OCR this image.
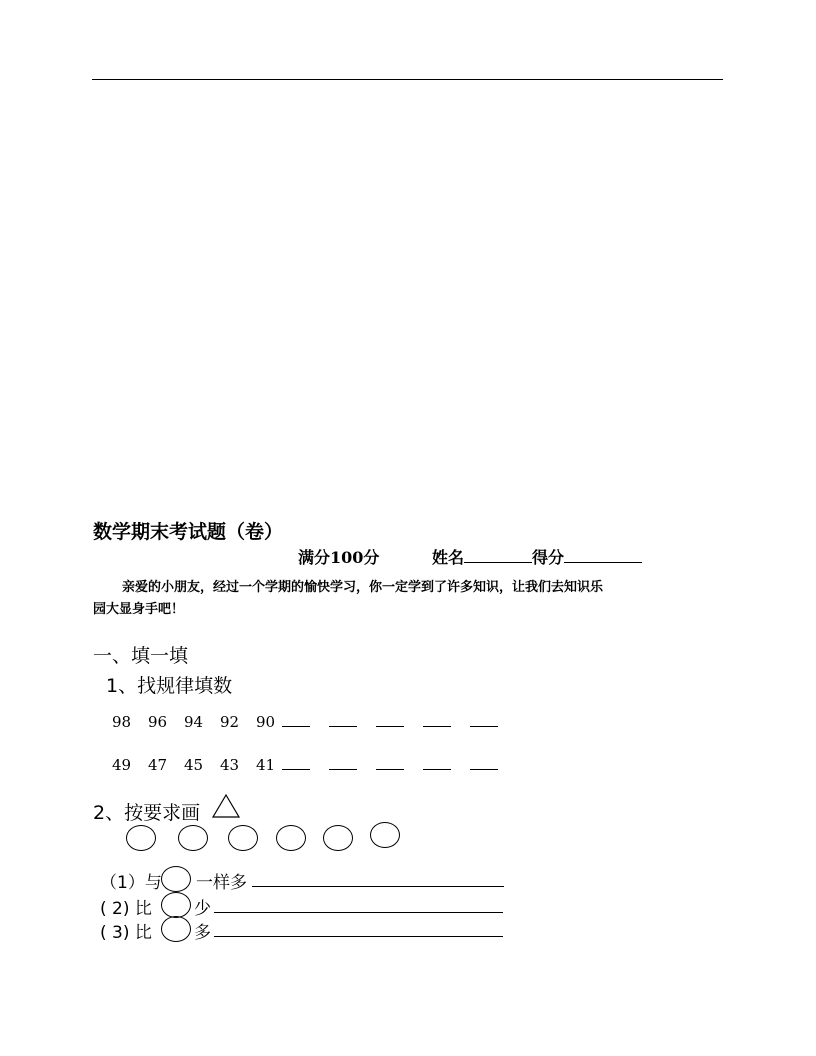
数学期末考试题（卷）
满分100分	姓名	得分
亲爱的小朋友，经过一个学期的愉快学习，你一定学到了许多知识，让我们去知识乐
园大显身手吧！
一、填一填
1、找规律填数
98 96 94 92 90
49 47 45 43 41
2、按要求画
（1）与 一样多
( 2) 比 少
( 3) 比 多
